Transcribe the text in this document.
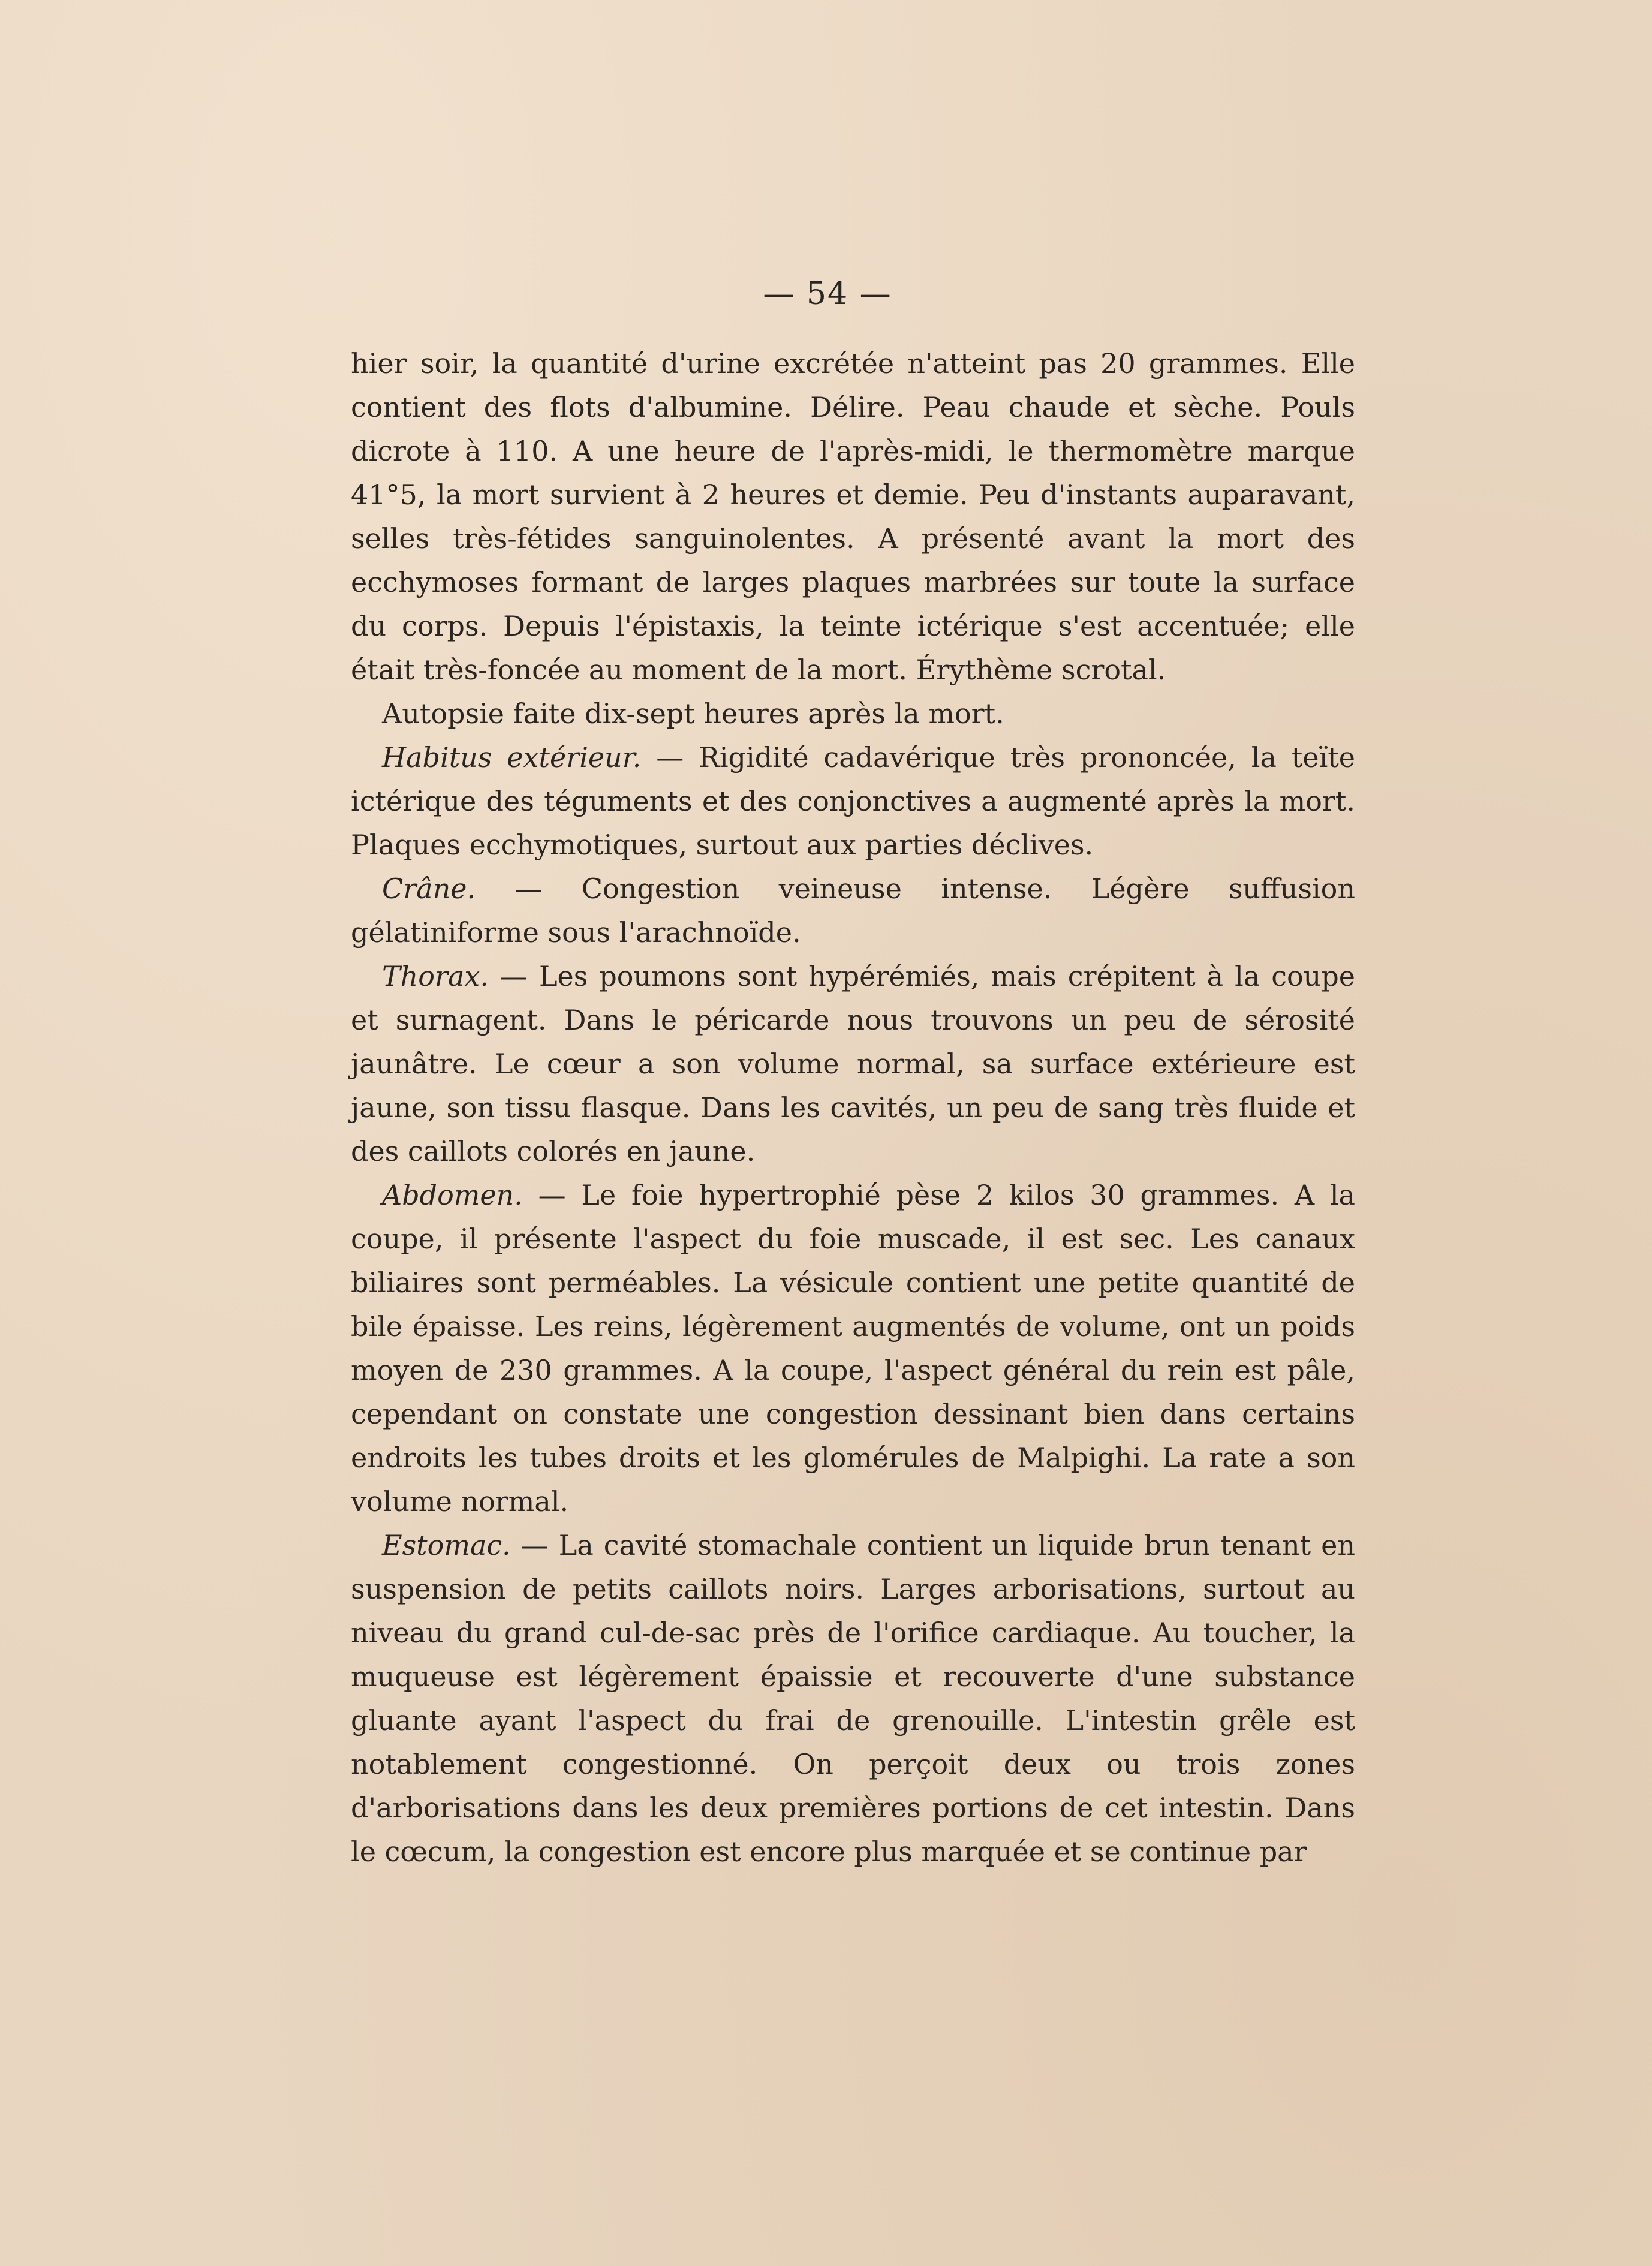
— 54 —

hier soir, la quantité d'urine excrétée n'atteint pas 20 grammes. Elle contient des flots d'albumine. Délire. Peau chaude et sèche. Pouls dicrote à 110. A une heure de l'après-midi, le thermomètre marque 41°5, la mort survient à 2 heures et demie. Peu d'instants auparavant, selles très-fétides sanguinolentes. A présenté avant la mort des ecchymoses formant de larges plaques marbrées sur toute la surface du corps. Depuis l'épistaxis, la teinte ictérique s'est accentuée; elle était très-foncée au moment de la mort. Érythème scrotal.

Autopsie faite dix-sept heures après la mort.

Habitus extérieur. — Rigidité cadavérique très prononcée, la teïte ictérique des téguments et des conjonctives a augmenté après la mort. Plaques ecchymotiques, surtout aux parties déclives.

Crâne. — Congestion veineuse intense. Légère suffusion gélatiniforme sous l'arachnoïde.

Thorax. — Les poumons sont hypérémiés, mais crépitent à la coupe et surnagent. Dans le péricarde nous trouvons un peu de sérosité jaunâtre. Le cœur a son volume normal, sa surface extérieure est jaune, son tissu flasque. Dans les cavités, un peu de sang très fluide et des caillots colorés en jaune.

Abdomen. — Le foie hypertrophié pèse 2 kilos 30 grammes. A la coupe, il présente l'aspect du foie muscade, il est sec. Les canaux biliaires sont perméables. La vésicule contient une petite quantité de bile épaisse. Les reins, légèrement augmentés de volume, ont un poids moyen de 230 grammes. A la coupe, l'aspect général du rein est pâle, cependant on constate une congestion dessinant bien dans certains endroits les tubes droits et les glomérules de Malpighi. La rate a son volume normal.

Estomac. — La cavité stomachale contient un liquide brun tenant en suspension de petits caillots noirs. Larges arborisations, surtout au niveau du grand cul-de-sac près de l'orifice cardiaque. Au toucher, la muqueuse est légèrement épaissie et recouverte d'une substance gluante ayant l'aspect du frai de grenouille. L'intestin grêle est notablement congestionné. On perçoit deux ou trois zones d'arborisations dans les deux premières portions de cet intestin. Dans le cœcum, la congestion est encore plus marquée et se continue par
